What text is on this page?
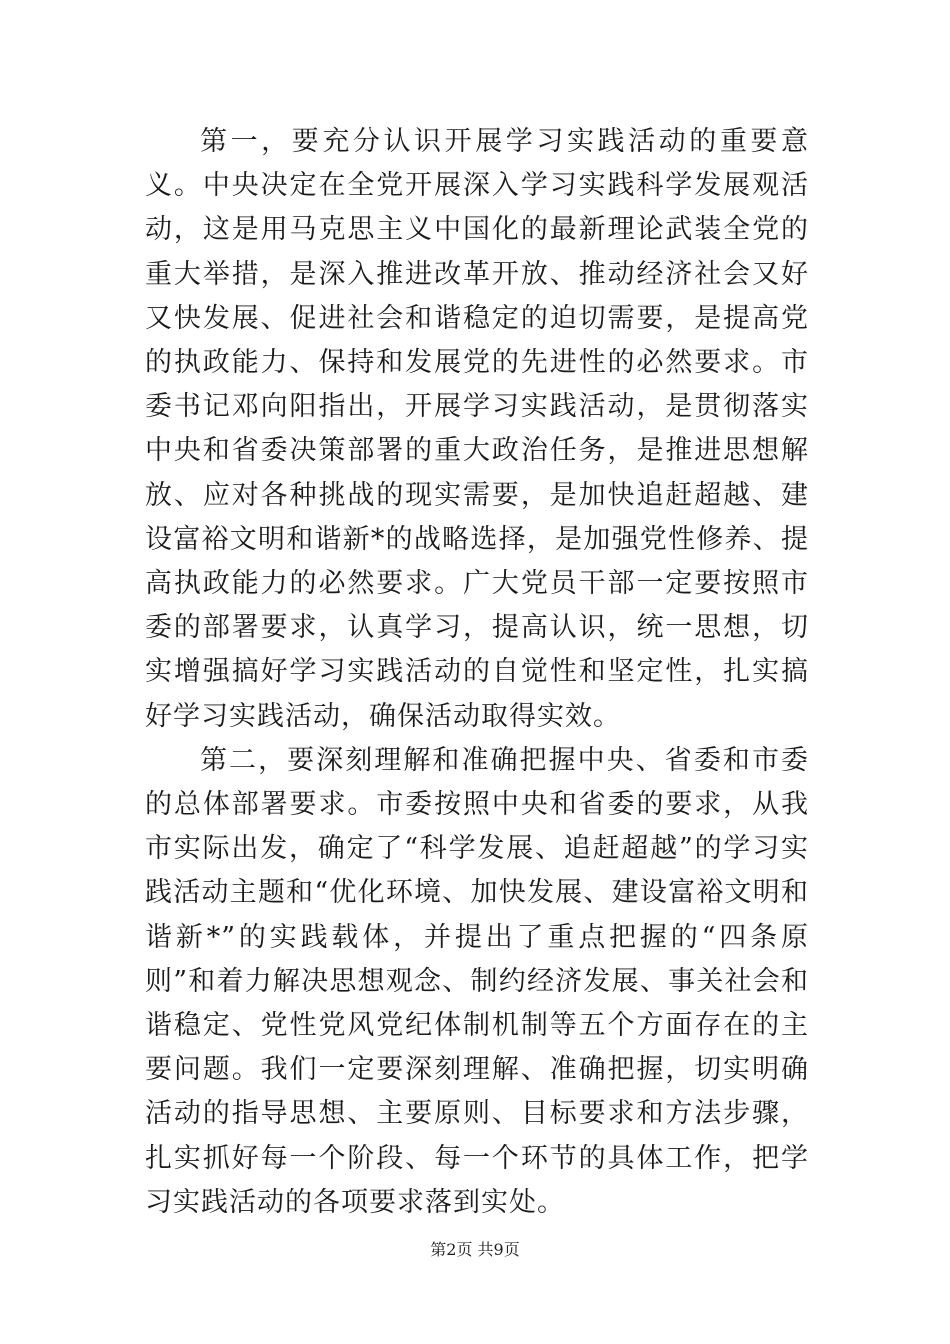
第一，要充分认识开展学习实践活动的重要意义。中央决定在全党开展深入学习实践科学发展观活动，这是用马克思主义中国化的最新理论武装全党的重大举措，是深入推进改革开放、推动经济社会又好又快发展、促进社会和谐稳定的迫切需要，是提高党的执政能力、保持和发展党的先进性的必然要求。市委书记邓向阳指出，开展学习实践活动，是贯彻落实中央和省委决策部署的重大政治任务，是推进思想解放、应对各种挑战的现实需要，是加快追赶超越、建设富裕文明和谐新*的战略选择，是加强党性修养、提高执政能力的必然要求。广大党员干部一定要按照市委的部署要求，认真学习，提高认识，统一思想，切实增强搞好学习实践活动的自觉性和坚定性，扎实搞好学习实践活动，确保活动取得实效。

第二，要深刻理解和准确把握中央、省委和市委的总体部署要求。市委按照中央和省委的要求，从我市实际出发，确定了“科学发展、追赶超越”的学习实践活动主题和“优化环境、加快发展、建设富裕文明和谐新*”的实践载体，并提出了重点把握的“四条原则”和着力解决思想观念、制约经济发展、事关社会和谐稳定、党性党风党纪体制机制等五个方面存在的主要问题。我们一定要深刻理解、准确把握，切实明确活动的指导思想、主要原则、目标要求和方法步骤，扎实抓好每一个阶段、每一个环节的具体工作，把学习实践活动的各项要求落到实处。

第2页 共9页
